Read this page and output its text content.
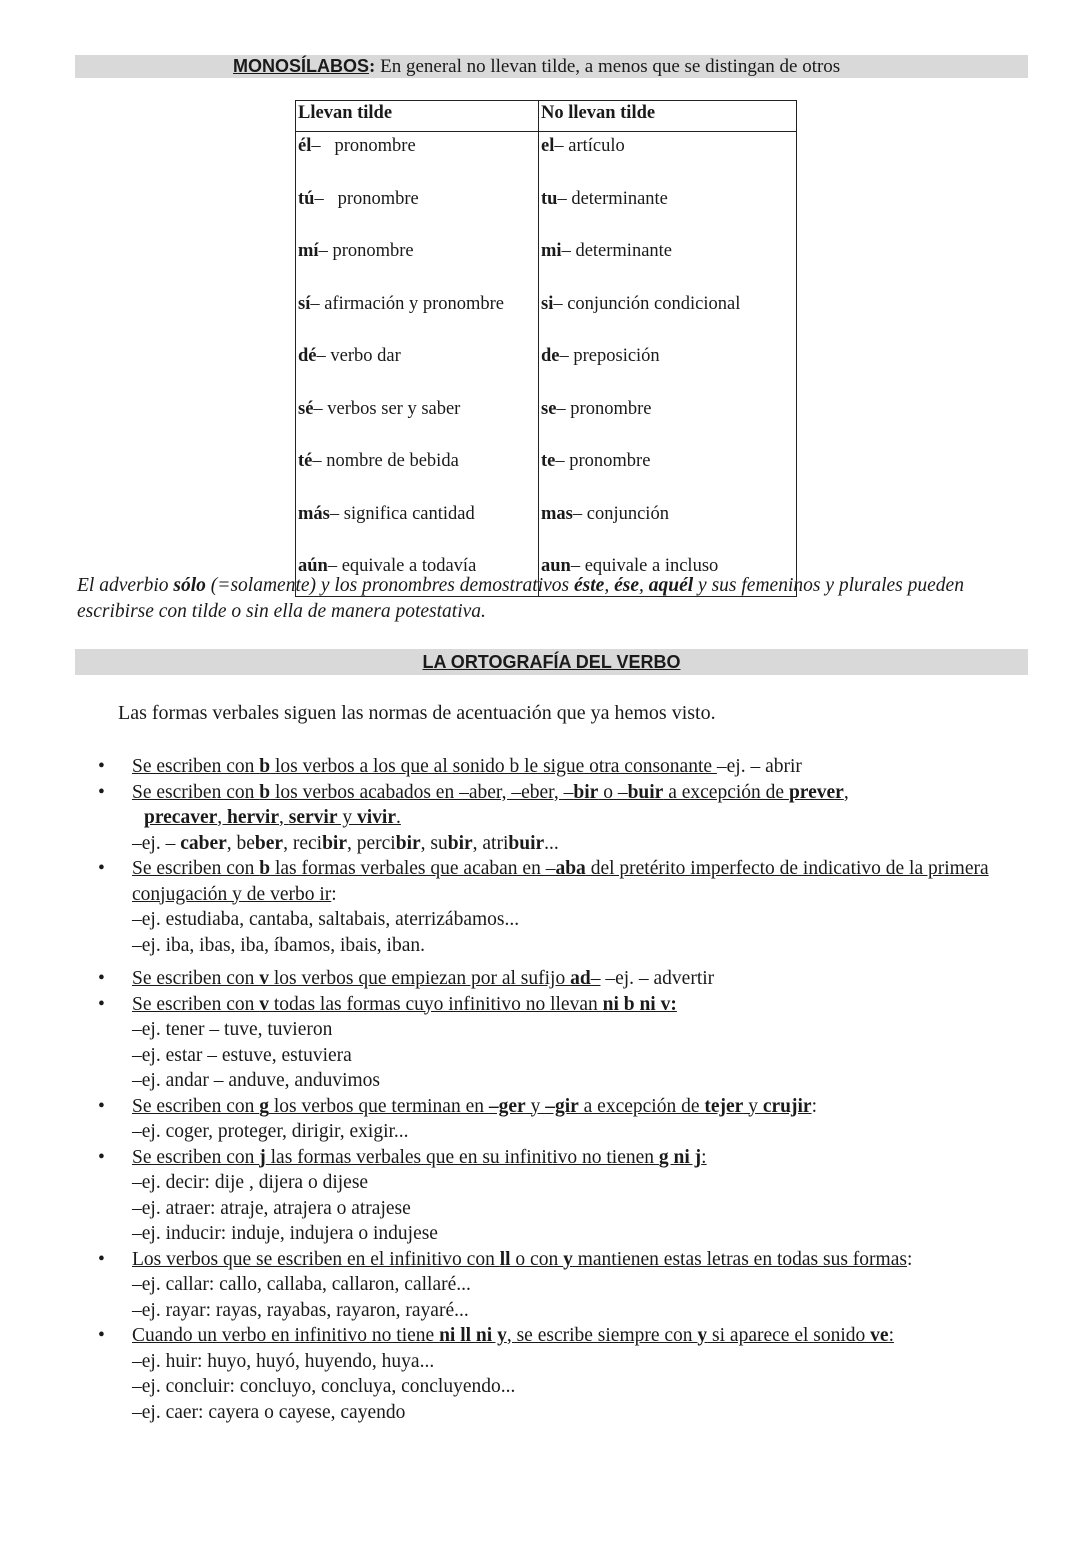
MONOSÍLABOS: En general no llevan tilde, a menos que se distingan de otros
Llevan tilde	No llevan tilde
él–   pronombre	el– artículo
tú–   pronombre	tu– determinante
mí– pronombre	mi– determinante
sí– afirmación y pronombre	si– conjunción condicional
dé– verbo dar	de– preposición
sé– verbos ser y saber	se– pronombre
té– nombre de bebida	te– pronombre
más– significa cantidad	mas– conjunción
aún– equivale a todavía	aun– equivale a incluso
El adverbio sólo (=solamente) y los pronombres demostrativos éste, ése, aquél y sus femeninos y plurales pueden escribirse con tilde o sin ella de manera potestativa.
LA ORTOGRAFÍA DEL VERBO
Las formas verbales siguen las normas de acentuación que ya hemos visto.
• Se escriben con b los verbos a los que al sonido b le sigue otra consonante –ej. – abrir
• Se escriben con b los verbos acabados en –aber, –eber, –bir o –buir a excepción de prever,
precaver, hervir, servir y vivir.
–ej. – caber, beber, recibir, percibir, subir, atribuir...
• Se escriben con b las formas verbales que acaban en –aba del pretérito imperfecto de indicativo de la primera conjugación y de verbo ir:
–ej. estudiaba, cantaba, saltabais, aterrizábamos...
–ej. iba, ibas, iba, íbamos, ibais, iban.
• Se escriben con v los verbos que empiezan por al sufijo ad– –ej. – advertir
• Se escriben con v todas las formas cuyo infinitivo no llevan ni b ni v:
–ej. tener – tuve, tuvieron
–ej. estar – estuve, estuviera
–ej. andar – anduve, anduvimos
• Se escriben con g los verbos que terminan en –ger y –gir a excepción de tejer y crujir:
–ej. coger, proteger, dirigir, exigir...
• Se escriben con j las formas verbales que en su infinitivo no tienen g ni j:
–ej. decir: dije , dijera o dijese
–ej. atraer: atraje, atrajera o atrajese
–ej. inducir: induje, indujera o indujese
• Los verbos que se escriben en el infinitivo con ll o con y mantienen estas letras en todas sus formas:
–ej. callar: callo, callaba, callaron, callaré...
–ej. rayar: rayas, rayabas, rayaron, rayaré...
• Cuando un verbo en infinitivo no tiene ni ll ni y, se escribe siempre con y si aparece el sonido ve:
–ej. huir: huyo, huyó, huyendo, huya...
–ej. concluir: concluyo, concluya, concluyendo...
–ej. caer: cayera o cayese, cayendo
